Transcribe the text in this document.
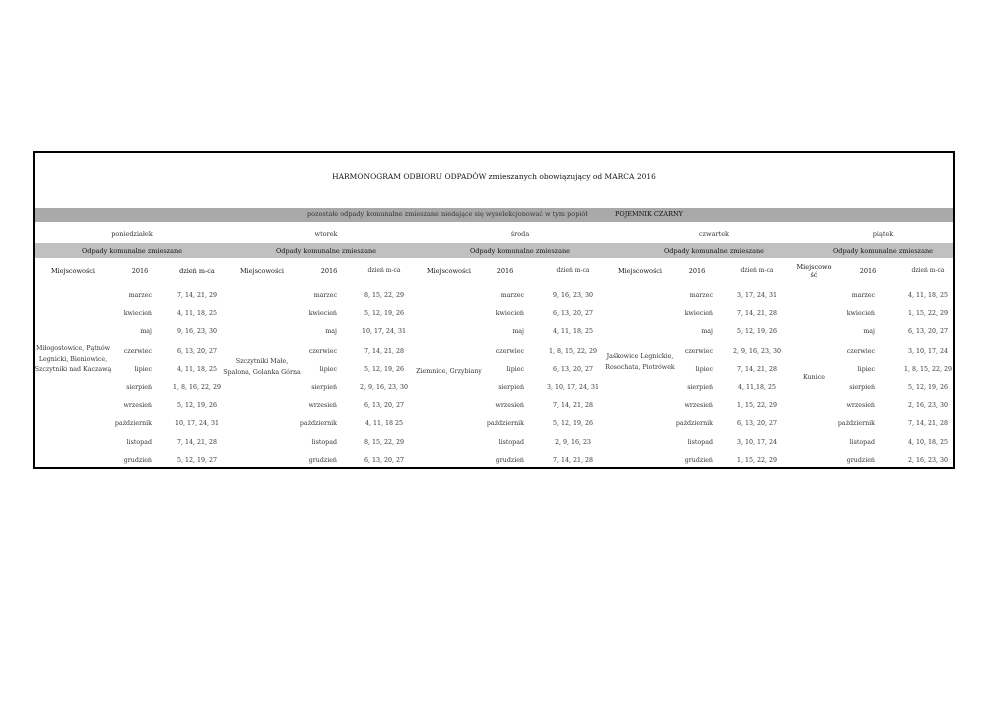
HARMONOGRAM ODBIORU ODPADÓW zmieszanych obowiązujący od MARCA 2016
pozostałe odpady komunalne zmieszane niedające się wyselekcjonować w tym popiół	POJEMNIK CZARNY
poniedziałek	wtorek	środa	czwartek	piątek
Odpady komunalne zmieszane	Odpady komunalne zmieszane	Odpady komunalne zmieszane	Odpady komunalne zmieszane	Odpady komunalne zmieszane
Miejscowości	2016	dzień m-ca
Miłogostowice, Pątnów Legnicki, Bieniowice, Szczytniki nad Kaczawą
marzec	7, 14, 21, 29
kwiecień	4, 11, 18, 25
maj	9, 16, 23, 30
czerwiec	6, 13, 20, 27
lipiec	4, 11, 18, 25
sierpień	1, 8, 16, 22, 29
wrzesień	5, 12, 19, 26
październik	10, 17, 24, 31
listopad	7, 14, 21, 28
grudzień	5, 12, 19, 27
Miejscowości	2016	dzień m-ca
Szczytniki Małe, Spalona, Golanka Górna
marzec	8, 15, 22, 29
kwiecień	5, 12, 19, 26
maj	10, 17, 24, 31
czerwiec	7, 14, 21, 28
lipiec	5, 12, 19, 26
sierpień	2, 9, 16, 23, 30
wrzesień	6, 13, 20, 27
październik	4, 11, 18 25
listopad	8, 15, 22, 29
grudzień	6, 13, 20, 27
Miejscowości	2016	dzień m-ca
Ziemnice, Grzybiany
marzec	9, 16, 23, 30
kwiecień	6, 13, 20, 27
maj	4, 11, 18, 25
czerwiec	1, 8, 15, 22, 29
lipiec	6, 13, 20, 27
sierpień	3, 10, 17, 24, 31
wrzesień	7, 14, 21, 28
październik	5, 12, 19, 26
listopad	2, 9, 16, 23
grudzień	7, 14, 21, 28
Miejscowości	2016	dzień m-ca
Jaśkowice Legnickie, Rosochata, Piotrówek
marzec	3, 17, 24, 31
kwiecień	7, 14, 21, 28
maj	5, 12, 19, 26
czerwiec	2, 9, 16, 23, 30
lipiec	7, 14, 21, 28
sierpień	4, 11,18, 25
wrzesień	1, 15, 22, 29
październik	6, 13, 20, 27
listopad	3, 10, 17, 24
grudzień	1, 15, 22, 29
Miejscowo ść	2016	dzień m-ca
Kunice
marzec	4, 11, 18, 25
kwiecień	1, 15, 22, 29
maj	6, 13, 20, 27
czerwiec	3, 10, 17, 24
lipiec	1, 8, 15, 22, 29
sierpień	5, 12, 19, 26
wrzesień	2, 16, 23, 30
październik	7, 14, 21, 28
listopad	4, 10, 18, 25
grudzień	2, 16, 23, 30
